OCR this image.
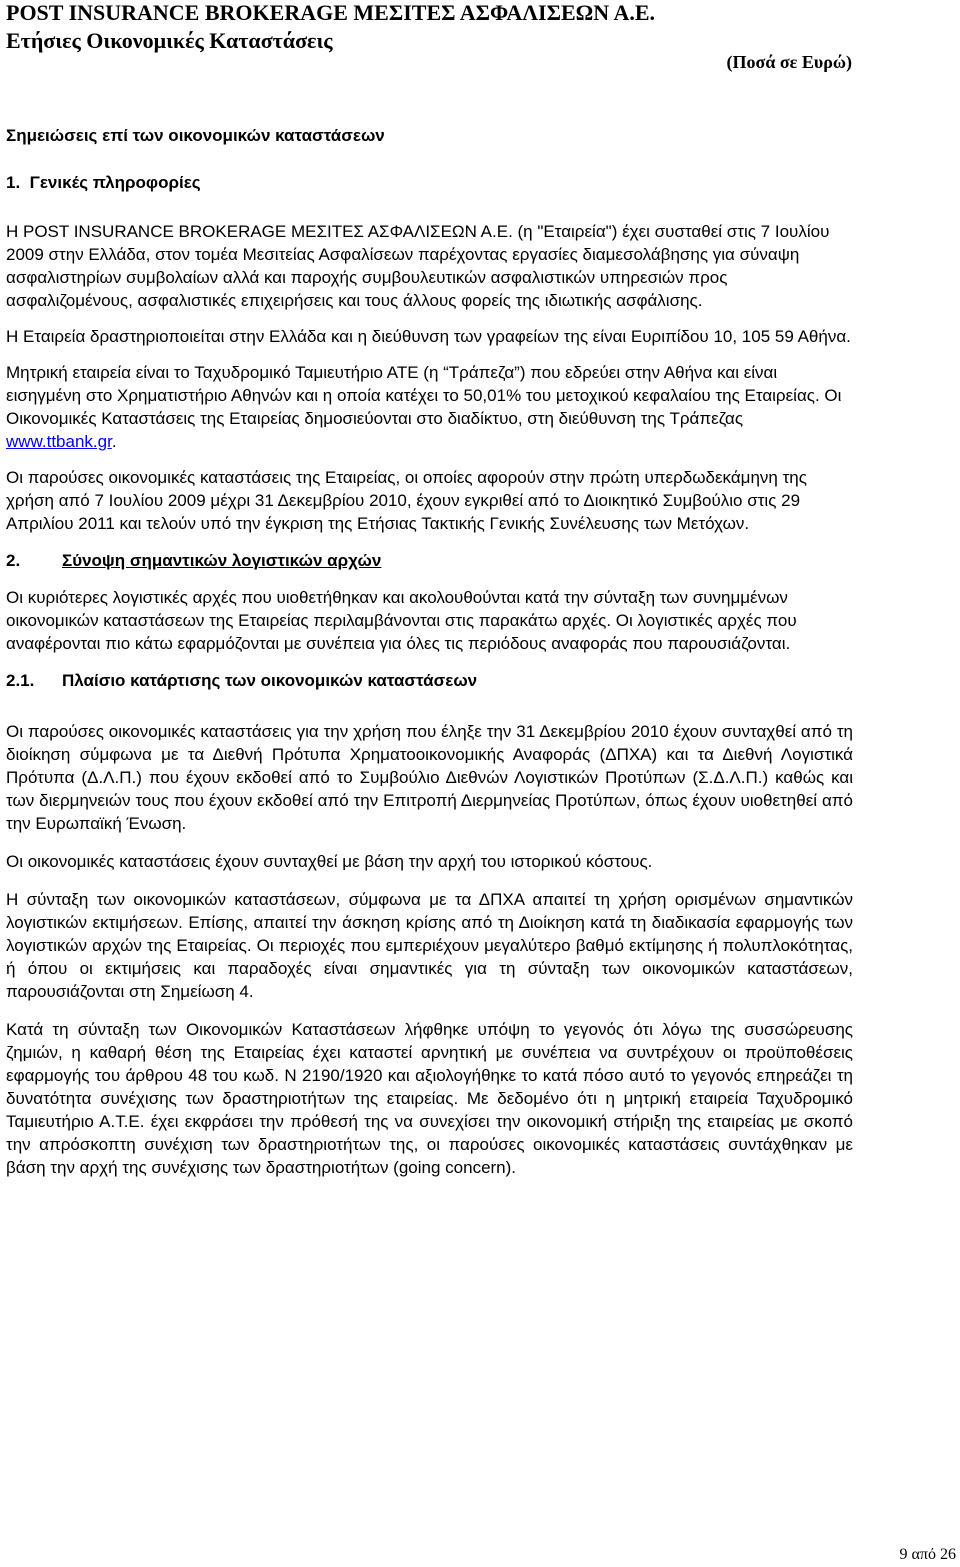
POST INSURANCE BROKERAGE ΜΕΣΙΤΕΣ ΑΣΦΑΛΙΣΕΩΝ Α.Ε.
Ετήσιες Οικονομικές Καταστάσεις
(Ποσά σε Ευρώ)

Σημειώσεις επί των οικονομικών καταστάσεων

1.  Γενικές πληροφορίες

Η POST INSURANCE BROKERAGE ΜΕΣΙΤΕΣ ΑΣΦΑΛΙΣΕΩΝ Α.Ε. (η "Εταιρεία") έχει συσταθεί στις 7 Ιουλίου 2009 στην Ελλάδα, στον τομέα Μεσιτείας Ασφαλίσεων παρέχοντας εργασίες διαμεσολάβησης για σύναψη ασφαλιστηρίων συμβολαίων αλλά και παροχής συμβουλευτικών ασφαλιστικών υπηρεσιών προς ασφαλιζομένους, ασφαλιστικές επιχειρήσεις και τους άλλους φορείς της ιδιωτικής ασφάλισης.

Η Εταιρεία δραστηριοποιείται στην Ελλάδα και η διεύθυνση των γραφείων της είναι Ευριπίδου 10, 105 59 Αθήνα.

Μητρική εταιρεία είναι το Ταχυδρομικό Ταμιευτήριο ΑΤΕ (η “Τράπεζα”) που εδρεύει στην Αθήνα και είναι εισηγμένη στο Χρηματιστήριο Αθηνών και η οποία κατέχει το 50,01% του μετοχικού κεφαλαίου της Εταιρείας. Οι Οικονομικές Καταστάσεις της Εταιρείας δημοσιεύονται στο διαδίκτυο, στη διεύθυνση της Τράπεζας www.ttbank.gr.

Οι παρούσες οικονομικές καταστάσεις της Εταιρείας, οι οποίες αφορούν στην πρώτη υπερδωδεκάμηνη της χρήση από 7 Ιουλίου 2009 μέχρι 31 Δεκεμβρίου 2010, έχουν εγκριθεί από το Διοικητικό Συμβούλιο στις 29 Απριλίου 2011 και τελούν υπό την έγκριση της Ετήσιας Τακτικής Γενικής Συνέλευσης των Μετόχων.

2. Σύνοψη σημαντικών λογιστικών αρχών

Οι κυριότερες λογιστικές αρχές που υιοθετήθηκαν και ακολουθούνται κατά την σύνταξη των συνημμένων οικονομικών καταστάσεων της Εταιρείας περιλαμβάνονται στις παρακάτω αρχές. Οι λογιστικές αρχές που αναφέρονται πιο κάτω εφαρμόζονται με συνέπεια για όλες τις περιόδους αναφοράς που παρουσιάζονται.

2.1. Πλαίσιο κατάρτισης των οικονομικών καταστάσεων

Οι παρούσες οικονομικές καταστάσεις για την χρήση που έληξε την 31 Δεκεμβρίου 2010 έχουν συνταχθεί από τη διοίκηση σύμφωνα με τα Διεθνή Πρότυπα Χρηματοοικονομικής Αναφοράς (ΔΠΧΑ) και τα Διεθνή Λογιστικά Πρότυπα (Δ.Λ.Π.) που έχουν εκδοθεί από το Συμβούλιο Διεθνών Λογιστικών Προτύπων (Σ.Δ.Λ.Π.) καθώς και των διερμηνειών τους που έχουν εκδοθεί από την Επιτροπή Διερμηνείας Προτύπων, όπως έχουν υιοθετηθεί από την Ευρωπαϊκή Ένωση.

Οι οικονομικές καταστάσεις έχουν συνταχθεί με βάση την αρχή του ιστορικού κόστους.

Η σύνταξη των οικονομικών καταστάσεων, σύμφωνα με τα ΔΠΧΑ απαιτεί τη χρήση ορισμένων σημαντικών λογιστικών εκτιμήσεων. Επίσης, απαιτεί την άσκηση κρίσης από τη Διοίκηση κατά τη διαδικασία εφαρμογής των λογιστικών αρχών της Εταιρείας. Οι περιοχές που εμπεριέχουν μεγαλύτερο βαθμό εκτίμησης ή πολυπλοκότητας, ή όπου οι εκτιμήσεις και παραδοχές είναι σημαντικές για τη σύνταξη των οικονομικών καταστάσεων, παρουσιάζονται στη Σημείωση 4.

Κατά τη σύνταξη των Οικονομικών Καταστάσεων λήφθηκε υπόψη το γεγονός ότι λόγω της συσσώρευσης ζημιών, η καθαρή θέση της Εταιρείας έχει καταστεί αρνητική με συνέπεια να συντρέχουν οι προϋποθέσεις εφαρμογής του άρθρου 48 του κωδ. Ν 2190/1920 και αξιολογήθηκε το κατά πόσο αυτό το γεγονός επηρεάζει τη δυνατότητα συνέχισης των δραστηριοτήτων της εταιρείας. Με δεδομένο ότι η μητρική εταιρεία Ταχυδρομικό Ταμιευτήριο Α.Τ.Ε. έχει εκφράσει την πρόθεσή της να συνεχίσει την οικονομική στήριξη της εταιρείας με σκοπό την απρόσκοπτη συνέχιση των δραστηριοτήτων της, οι παρούσες οικονομικές καταστάσεις συντάχθηκαν με βάση την αρχή της συνέχισης των δραστηριοτήτων (going concern).

9 από 26
